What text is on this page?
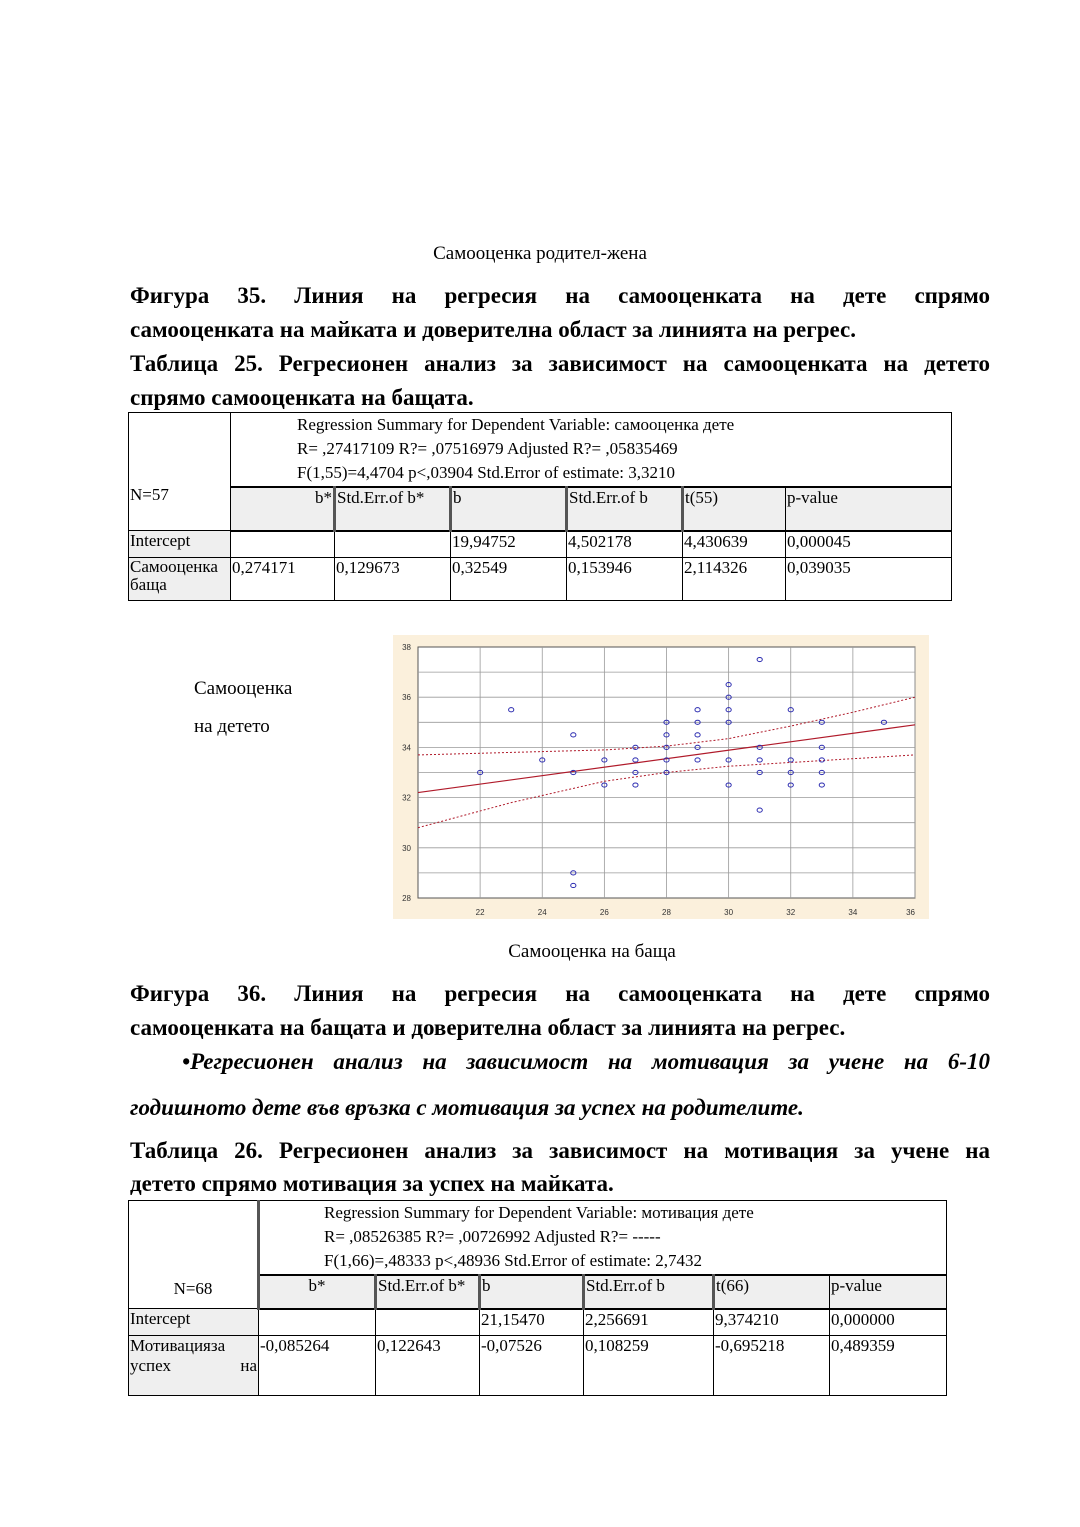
Самооценка родител-жена
Фигура 35. Линия на регресия на самооценката на дете спрямо
самооценката на майката и доверителна област за линията на регрес.
Таблица 25. Регресионен анализ за зависимост на самооценката на детето
спрямо самооценката на бащата.
N=57	Regression Summary for Dependent Variable: самооценка дете
R= ,27417109 R?= ,07516979 Adjusted R?= ,05835469
F(1,55)=4,4704 p<,03904 Std.Error of estimate: 3,3210					

	b*	Std.Err.of b*	b	Std.Err.of b	t(55)	p-value
Intercept			19,94752	4,502178	4,430639	0,000045

Самооценка
баща	0,274171	0,129673	0,32549	0,153946	2,114326	0,039035
Самооценка
на детето
22	24	26	28	30	32	34	36
28
30
32
34
36
38
Самооценка на баща
Фигура 36. Линия на регресия на самооценката на дете спрямо
самооценката на бащата и доверителна област за линията на регрес.
•Регресионен анализ на зависимост на мотивация за учене на 6-10
годишното дете във връзка с мотивация за успех на родителите.
Таблица 26. Регресионен анализ за зависимост на мотивация за учене на
детето спрямо мотивация за успех на майката.
N=68	Regression Summary for Dependent Variable: мотивация дете
R= ,08526385 R?= ,00726992 Adjusted R?= -----
F(1,66)=,48333 p<,48936 Std.Error of estimate: 2,7432					

	b*	Std.Err.of b*	b	Std.Err.of b	t(66)	p-value
Intercept			21,15470	2,256691	9,374210	0,000000

Мотивацияза
успех на	-0,085264	0,122643	-0,07526	0,108259	-0,695218	0,489359
